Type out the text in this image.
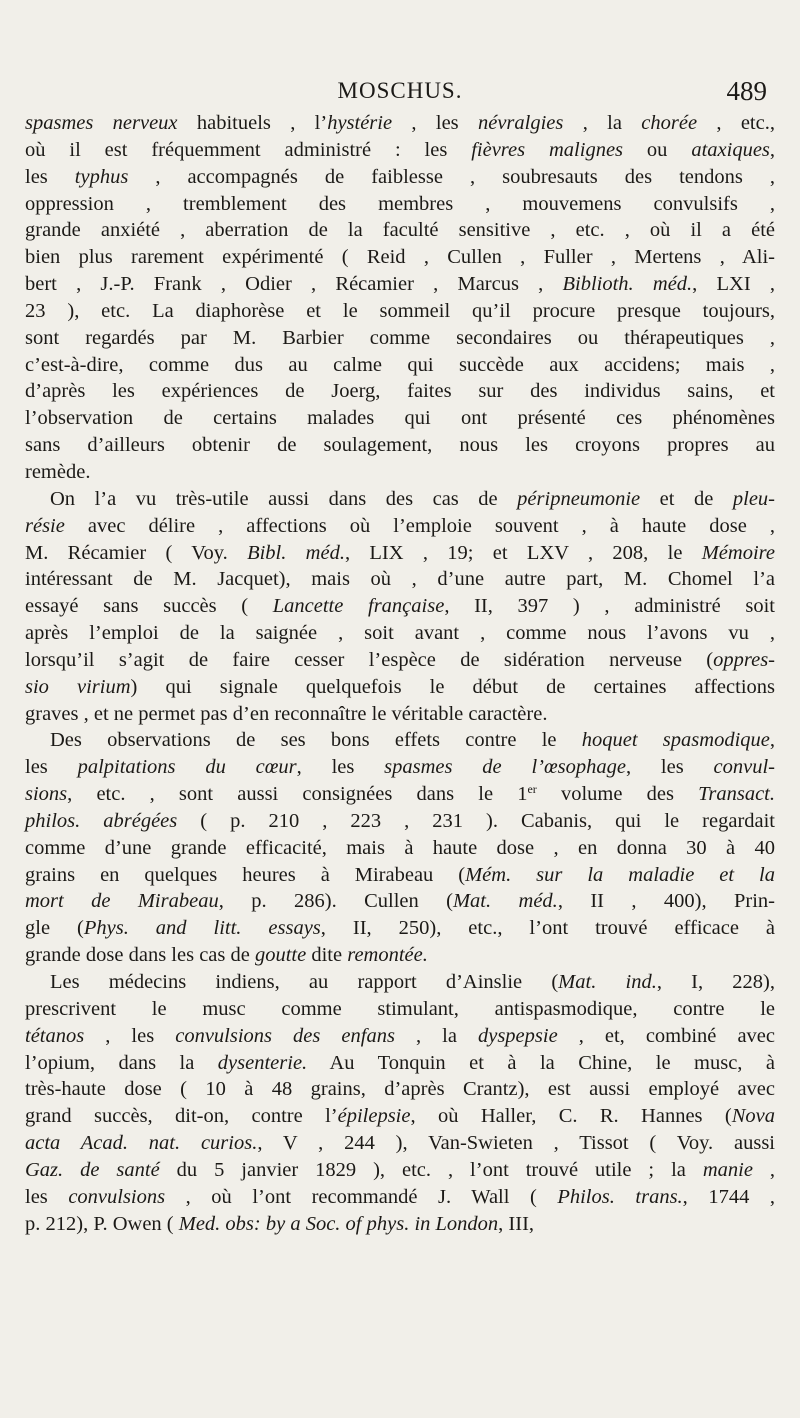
MOSCHUS.	489
spasmes nerveux habituels , l’hystérie , les névralgies , la chorée , etc.,
où il est fréquemment administré : les fièvres malignes ou ataxiques,
les typhus , accompagnés de faiblesse , soubresauts des tendons ,
oppression , tremblement des membres , mouvemens convulsifs ,
grande anxiété , aberration de la faculté sensitive , etc. , où il a été
bien plus rarement expérimenté ( Reid , Cullen , Fuller , Mertens , Ali-
bert , J.-P. Frank , Odier , Récamier , Marcus , Biblioth. méd., LXI ,
23 ), etc. La diaphorèse et le sommeil qu’il procure presque toujours,
sont regardés par M. Barbier comme secondaires ou thérapeutiques ,
c’est-à-dire, comme dus au calme qui succède aux accidens; mais ,
d’après les expériences de Joerg, faites sur des individus sains, et
l’observation de certains malades qui ont présenté ces phénomènes
sans d’ailleurs obtenir de soulagement, nous les croyons propres au
remède.
On l’a vu très-utile aussi dans des cas de péripneumonie et de pleu-
résie avec délire , affections où l’emploie souvent , à haute dose ,
M. Récamier ( Voy. Bibl. méd., LIX , 19; et LXV , 208, le Mémoire
intéressant de M. Jacquet), mais où , d’une autre part, M. Chomel l’a
essayé sans succès ( Lancette française, II, 397 ) , administré soit
après l’emploi de la saignée , soit avant , comme nous l’avons vu ,
lorsqu’il s’agit de faire cesser l’espèce de sidération nerveuse (oppres-
sio virium) qui signale quelquefois le début de certaines affections
graves , et ne permet pas d’en reconnaître le véritable caractère.
Des observations de ses bons effets contre le hoquet spasmodique,
les palpitations du cœur, les spasmes de l’œsophage, les convul-
sions, etc. , sont aussi consignées dans le 1er volume des Transact.
philos. abrégées ( p. 210 , 223 , 231 ). Cabanis, qui le regardait
comme d’une grande efficacité, mais à haute dose , en donna 30 à 40
grains en quelques heures à Mirabeau (Mém. sur la maladie et la
mort de Mirabeau, p. 286). Cullen (Mat. méd., II , 400), Prin-
gle (Phys. and litt. essays, II, 250), etc., l’ont trouvé efficace à
grande dose dans les cas de goutte dite remontée.
Les médecins indiens, au rapport d’Ainslie (Mat. ind., I, 228),
prescrivent le musc comme stimulant, antispasmodique, contre le
tétanos , les convulsions des enfans , la dyspepsie , et, combiné avec
l’opium, dans la dysenterie. Au Tonquin et à la Chine, le musc, à
très-haute dose ( 10 à 48 grains, d’après Crantz), est aussi employé avec
grand succès, dit-on, contre l’épilepsie, où Haller, C. R. Hannes (Nova
acta Acad. nat. curios., V , 244 ), Van-Swieten , Tissot ( Voy. aussi
Gaz. de santé du 5 janvier 1829 ), etc. , l’ont trouvé utile ; la manie ,
les convulsions , où l’ont recommandé J. Wall ( Philos. trans., 1744 ,
p. 212), P. Owen ( Med. obs: by a Soc. of phys. in London, III,
